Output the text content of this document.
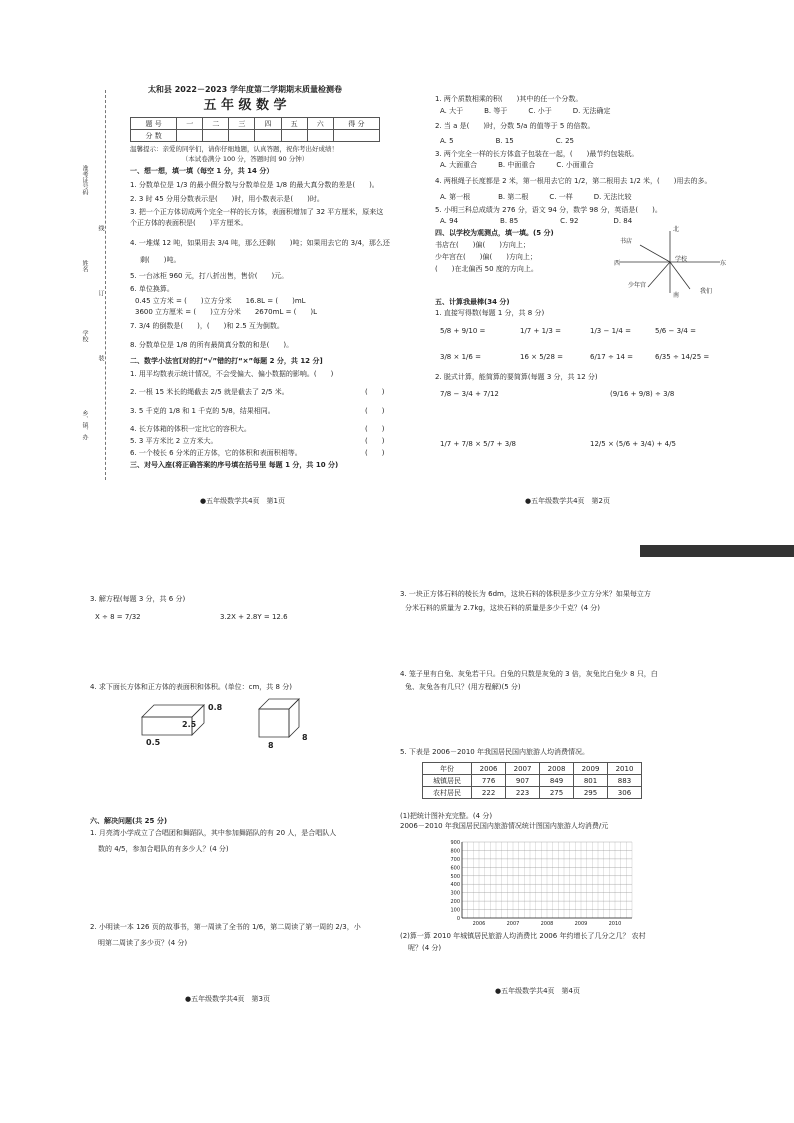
太和县 2022－2023 学年度第二学期期末质量检测卷
五 年 级 数 学
题 号	一	二	三	四	五	六	得 分
分 数							
温馨提示：亲爱的同学们，请你仔细地题，认真答题，祝你考出好成绩！
（本试卷满分 100 分，答题时间 90 分钟）
一、想一想，填一填（每空 1 分，共 14 分）
1. 分数单位是 1/3 的最小假分数与分数单位是 1/8 的最大真分数的差是(　　)。
2. 3 时 45 分用分数表示是(　　)时，用小数表示是(　　)时。
3. 把一个正方体切成两个完全一样的长方体，表面积增加了 32 平方厘米，原来这
个正方体的表面积是(　　)平方厘米。
4. 一堆煤 12 吨，如果用去 3/4 吨，那么还剩(　　)吨；如果用去它的 3/4，那么还
剩(　　)吨。
5. 一台冰柜 960 元，打八折出售，售价(　　)元。
6. 单位换算。
0.45 立方米 = (　　)立方分米　　16.8L = (　　)mL
3600 立方厘米 = (　　)立方分米　　2670mL = (　　)L
7. 3/4 的倒数是(　　)，(　　)和 2.5 互为倒数。
8. 分数单位是 1/8 的所有最简真分数的和是(　　)。
二、数学小法官[对的打“√”错的打“×”每题 2 分，共 12 分]
1. 用平均数表示统计情况，不会受偏大、偏小数据的影响。(　　)
2. 一根 15 米长的绳截去 2/5 就是截去了 2/5 米。
3. 5 千克的 1/8 和 1 千克的 5/8，结果相同。
4. 长方体箱的体积一定比它的容积大。
5. 3 平方米比 2 立方米大。
6. 一个棱长 6 分米的正方体，它的体积和表面积相等。
(　　)
(　　)
(　　)
(　　)
(　　)
三、对号入座(将正确答案的序号填在括号里 每题 1 分，共 10 分)
●五年级数学共4页　第1页
准考证号码
线
姓名
订
学校
装
乡、镇、办
1. 两个质数相乘的积(　　)其中的任一个分数。
A. 大于　　　B. 等于　　　C. 小于　　　D. 无法确定
2. 当 a 是(　　)时，分数 5/a 的值等于 5 的倍数。
A. 5　　　　　　B. 15　　　　　　C. 25
3. 两个完全一样的长方体盒子包装在一起，(　　)最节约包装纸。
A. 大面重合　　　B. 中面重合　　　C. 小面重合
4. 两根绳子长度都是 2 米，第一根用去它的 1/2，第二根用去 1/2 米，(　　)用去的多。
A. 第一根　　　　B. 第二根　　　C. 一样　　　D. 无法比较
5. 小明三科总成绩为 276 分，语文 94 分，数学 98 分，英语是(　　)。
A. 94　　　　　　B. 85　　　　　　C. 92　　　　　D. 84
四、以学校为观测点，填一填。(5 分)
书店在(　　)偏(　　)方向上；
少年宫在(　　)偏(　　)方向上；
(　　)在北偏西 50 度的方向上。
北
南
东
西
学校
书店
少年宫
我们
五、计算我最棒(34 分)
1. 直接写得数(每题 1 分，共 8 分)
5/8 + 9/10 =	1/7 + 1/3 =	1/3 − 1/4 =	5/6 − 3/4 =
3/8 × 1/6 =	16 × 5/28 =	6/17 ÷ 14 =	6/35 ÷ 14/25 =
2. 脱式计算，能简算的要简算(每题 3 分，共 12 分)
7/8 − 3/4 + 7/12	(9/16 + 9/8) ÷ 3/8
1/7 + 7/8 × 5/7 + 3/8	12/5 × (5/6 + 3/4) + 4/5
●五年级数学共4页　第2页
3. 解方程(每题 3 分，共 6 分)
X ÷ 8 = 7/32	3.2X + 2.8Y = 12.6
4. 求下面长方体和正方体的表面积和体积。(单位：cm，共 8 分)
0.8
2.5
0.5	8
8
六、解决问题(共 25 分)
1. 月亮湾小学成立了合唱团和舞蹈队，其中参加舞蹈队的有 20 人，是合唱队人
数的 4/5，参加合唱队的有多少人？(4 分)
2. 小明读一本 126 页的故事书，第一周读了全书的 1/6，第二周读了第一周的 2/3，小
明第二周读了多少页？(4 分)
●五年级数学共4页　第3页
3. 一块正方体石料的棱长为 6dm，这块石料的体积是多少立方分米？如果每立方
分米石料的质量为 2.7kg，这块石料的质量是多少千克？(4 分)
4. 笼子里有白兔、灰兔若干只。白兔的只数是灰兔的 3 倍，灰兔比白兔少 8 只，白
兔、灰兔各有几只？(用方程解)(5 分)
5. 下表是 2006－2010 年我国居民国内旅游人均消费情况。
年份	2006	2007	2008	2009	2010
城镇居民	776	907	849	801	883
农村居民	222	223	275	295	306
(1)把统计图补充完整。(4 分)
2006－2010 年我国居民国内旅游情况统计图国内旅游人均消费/元
900
800
700
600
500
400
300
200
100
0
2006	2007	2008	2009	2010
(2)算一算 2010 年城镇居民旅游人均消费比 2006 年约增长了几分之几？ 农村
呢？(4 分)
●五年级数学共4页　第4页
